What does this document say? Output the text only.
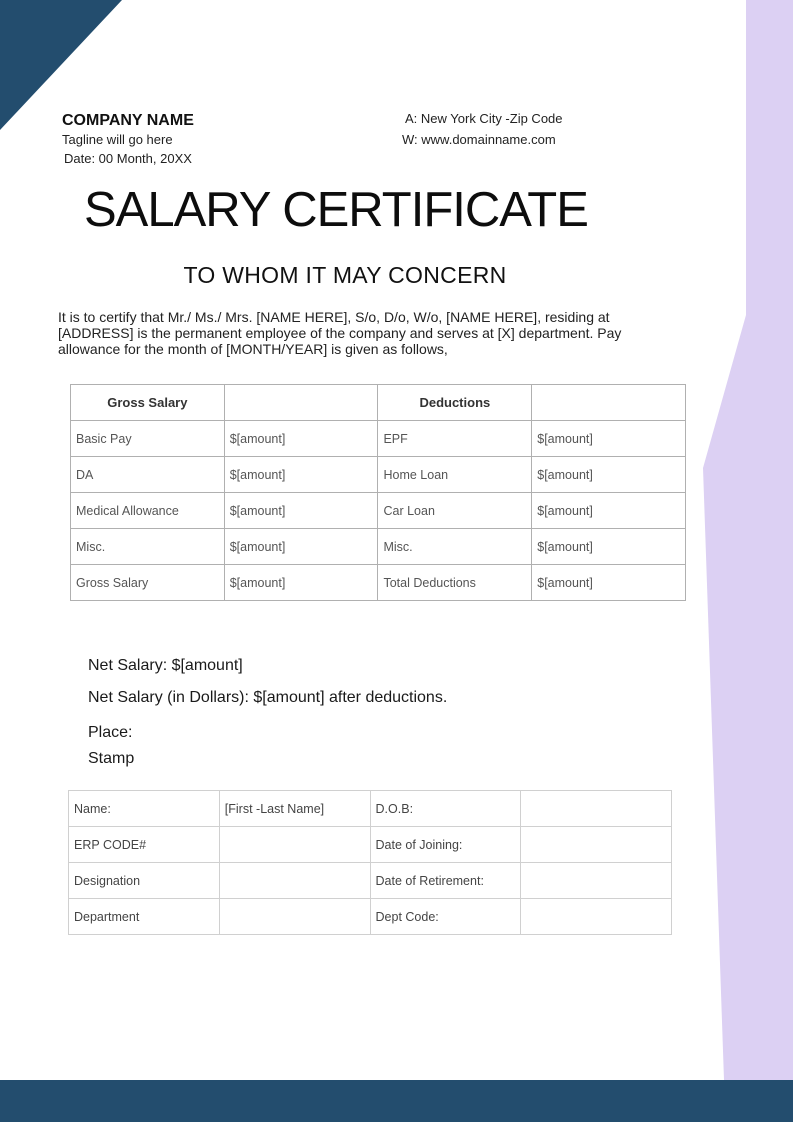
COMPANY NAME
Tagline will go here
Date: 00 Month, 20XX
A: New York City -Zip Code
W: www.domainname.com
SALARY CERTIFICATE
TO WHOM IT MAY CONCERN
It is to certify that Mr./ Ms./ Mrs. [NAME HERE], S/o, D/o, W/o, [NAME HERE], residing at [ADDRESS] is the permanent employee of the company and serves at [X] department. Pay allowance for the month of [MONTH/YEAR] is given as follows,
Gross Salary		Deductions	
Basic Pay	$[amount]	EPF	$[amount]
DA	$[amount]	Home Loan	$[amount]
Medical Allowance	$[amount]	Car Loan	$[amount]
Misc.	$[amount]	Misc.	$[amount]
Gross Salary	$[amount]	Total Deductions	$[amount]
Net Salary: $[amount]
Net Salary (in Dollars): $[amount] after deductions.
Place:
Stamp
Name:	[First -Last Name]	D.O.B:	
ERP CODE#		Date of Joining:	
Designation		Date of Retirement:	
Department		Dept Code:	
